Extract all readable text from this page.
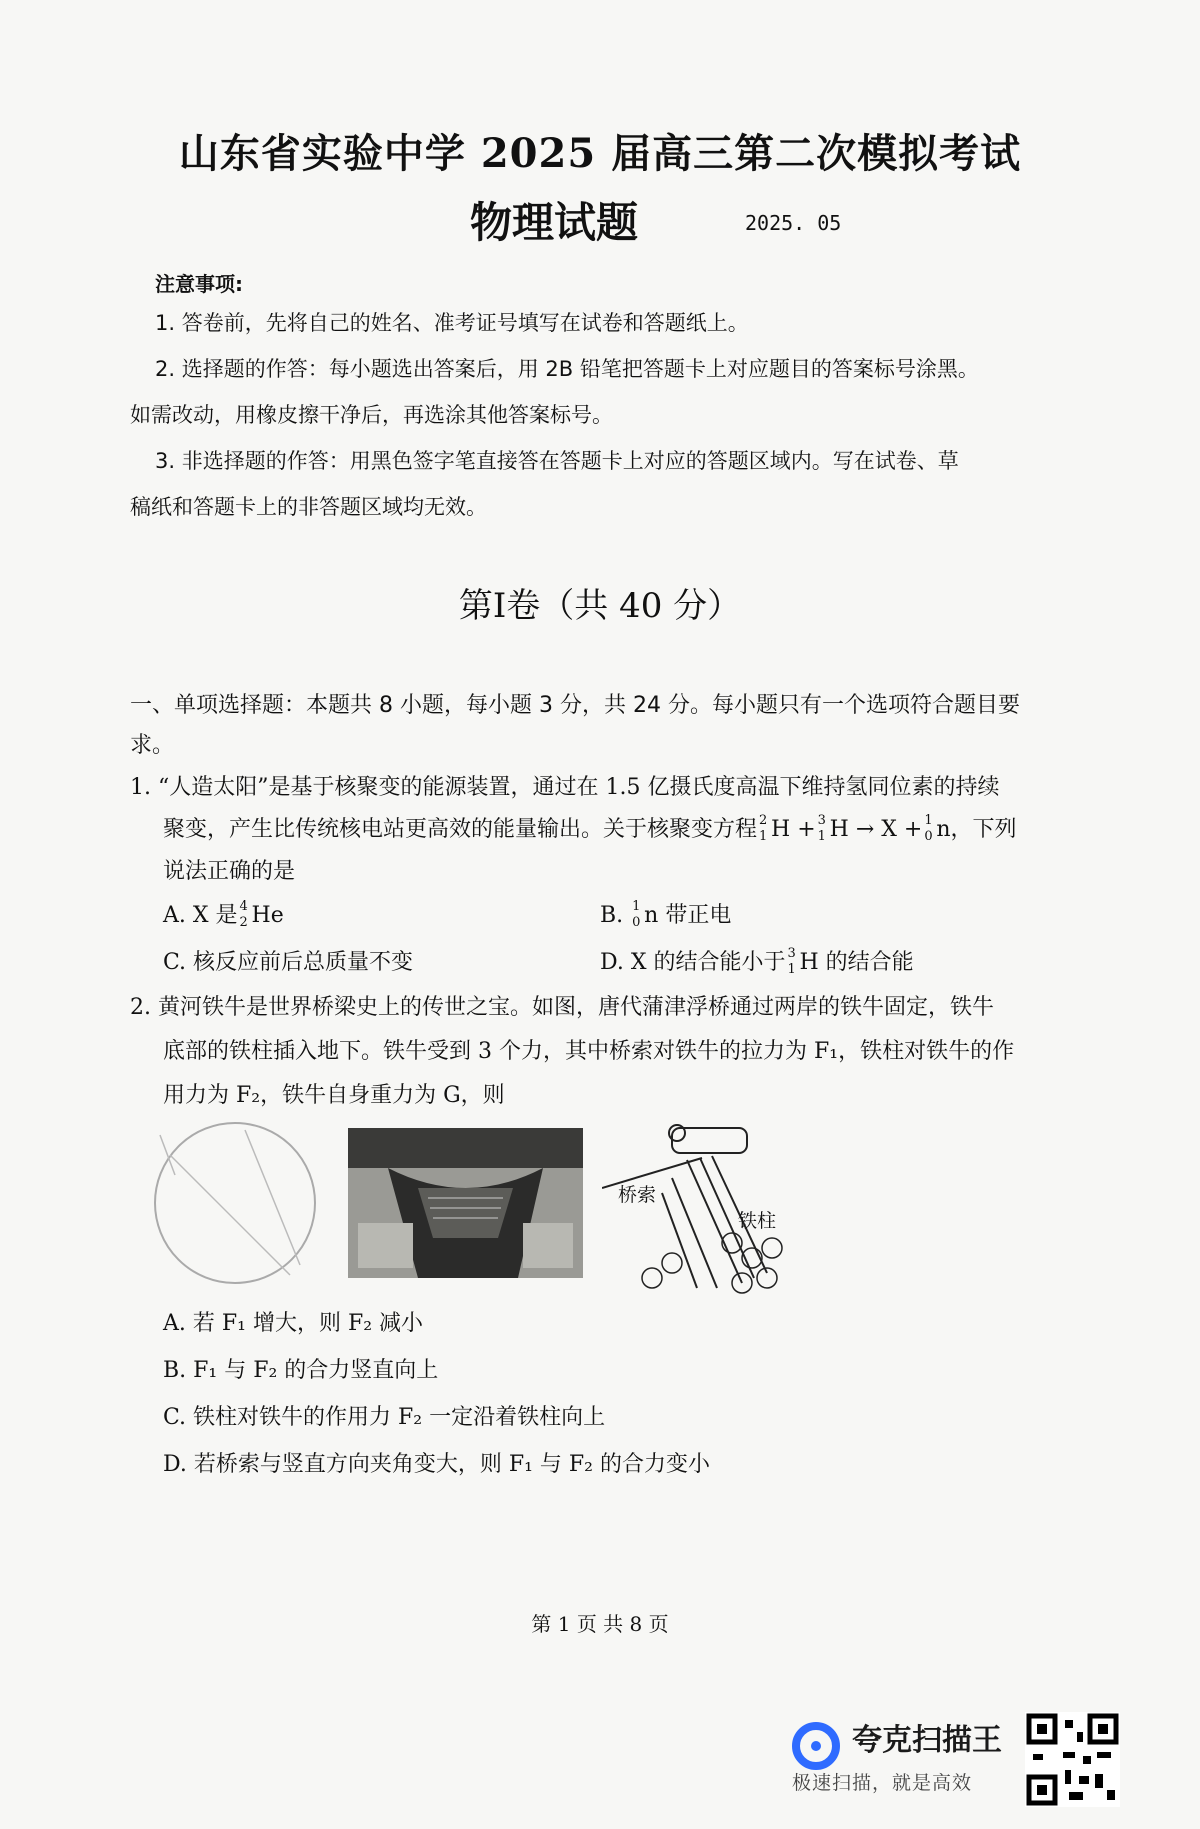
山东省实验中学 2025 届高三第二次模拟考试
物理试题	2025. 05
注意事项:
1. 答卷前，先将自己的姓名、准考证号填写在试卷和答题纸上。
2. 选择题的作答：每小题选出答案后，用 2B 铅笔把答题卡上对应题目的答案标号涂黑。
如需改动，用橡皮擦干净后，再选涂其他答案标号。
3. 非选择题的作答：用黑色签字笔直接答在答题卡上对应的答题区域内。写在试卷、草
稿纸和答题卡上的非答题区域均无效。
第Ⅰ卷（共 40 分）
一、单项选择题：本题共 8 小题，每小题 3 分，共 24 分。每小题只有一个选项符合题目要
求。
1. “人造太阳”是基于核聚变的能源装置，通过在 1.5 亿摄氏度高温下维持氢同位素的持续
聚变，产生比传统核电站更高效的能量输出。关于核聚变方程 2
1 H + 3
1 H → X + 1
0 n，下列
说法正确的是
A. X 是 4
2 He	B. 1
0 n 带正电
C. 核反应前后总质量不变	D. X 的结合能小于 3
1 H 的结合能
2. 黄河铁牛是世界桥梁史上的传世之宝。如图，唐代蒲津浮桥通过两岸的铁牛固定，铁牛
底部的铁柱插入地下。铁牛受到 3 个力，其中桥索对铁牛的拉力为 F₁，铁柱对铁牛的作
用力为 F₂，铁牛自身重力为 G，则
桥索
铁柱
A. 若 F₁ 增大，则 F₂ 减小
B. F₁ 与 F₂ 的合力竖直向上
C. 铁柱对铁牛的作用力 F₂ 一定沿着铁柱向上
D. 若桥索与竖直方向夹角变大，则 F₁ 与 F₂ 的合力变小
第 1 页 共 8 页
夸克扫描王
极速扫描，就是高效
